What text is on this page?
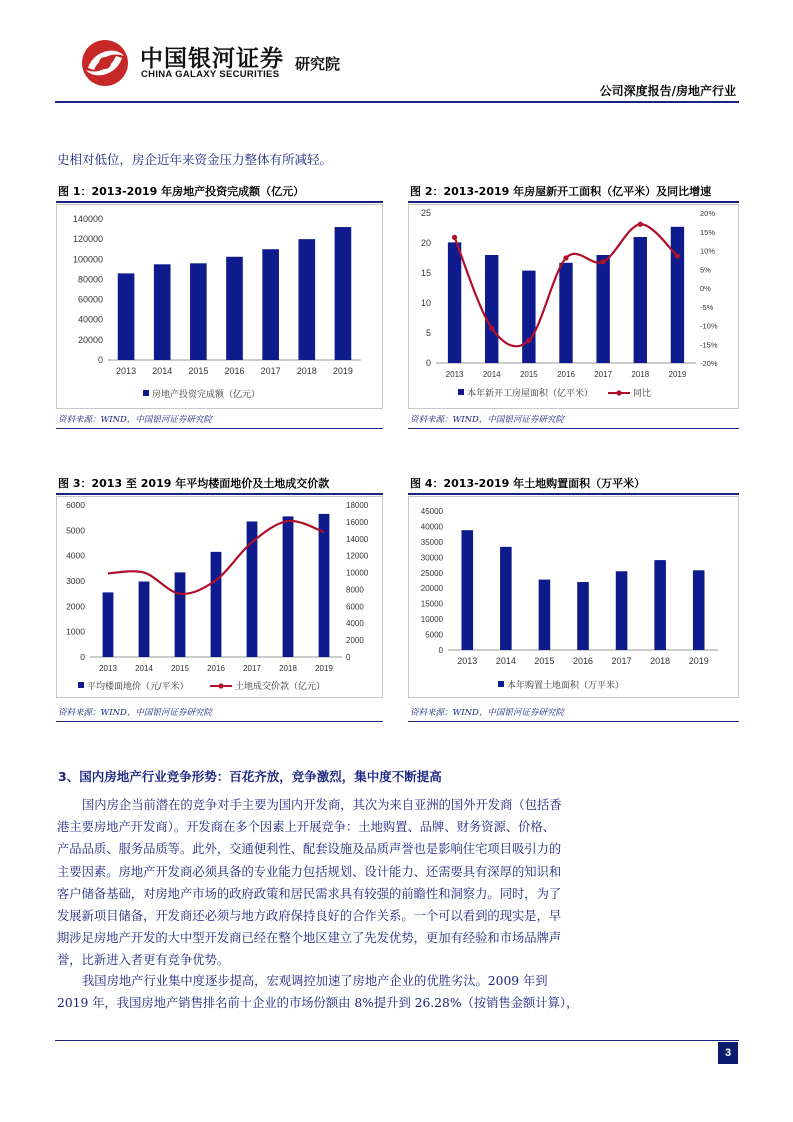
中国银河证券
CHINA GALAXY SECURITIES
研究院
公司深度报告/房地产行业
史相对低位，房企近年来资金压力整体有所减轻。
图 1：2013-2019 年房地产投资完成额（亿元）	图 2：2013-2019 年房屋新开工面积（亿平米）及同比增速
图 3：2013 至 2019 年平均楼面地价及土地成交价款	图 4：2013-2019 年土地购置面积（万平米）
资料来源：WIND，中国银河证券研究院	资料来源：WIND，中国银河证券研究院
资料来源：WIND，中国银河证券研究院	资料来源：WIND，中国银河证券研究院
0
20000
40000
60000
80000
100000
120000
140000
2013 2014 2015 2016 2017 2018 2019
房地产投资完成额（亿元）
0
5
10
15
20
25
-20%
-15%
-10%
-5%
0%
5%
10%
15%
20%
2013 2014 2015 2016 2017 2018 2019
本年新开工房屋面积（亿平米）	同比
0
1000
2000
3000
4000
5000
6000
0
2000
4000
6000
8000
10000
12000
14000
16000
18000
2013 2014 2015 2016 2017 2018 2019
平均楼面地价（元/平米）	土地成交价款（亿元）
0
5000
10000
15000
20000
25000
30000
35000
40000
45000
2013 2014 2015 2016 2017 2018 2019
本年购置土地面积（万平米）
3、国内房地产行业竞争形势：百花齐放，竞争激烈，集中度不断提高
国内房企当前潜在的竞争对手主要为国内开发商，其次为来自亚洲的国外开发商（包括香
港主要房地产开发商）。开发商在多个因素上开展竞争：土地购置、品牌、财务资源、价格、
产品品质、服务品质等。此外，交通便利性、配套设施及品质声誉也是影响住宅项目吸引力的
主要因素。房地产开发商必须具备的专业能力包括规划、设计能力、还需要具有深厚的知识和
客户储备基础，对房地产市场的政府政策和居民需求具有较强的前瞻性和洞察力。同时，为了
发展新项目储备，开发商还必须与地方政府保持良好的合作关系。一个可以看到的现实是，早
期涉足房地产开发的大中型开发商已经在整个地区建立了先发优势，更加有经验和市场品牌声
誉，比新进入者更有竞争优势。
我国房地产行业集中度逐步提高，宏观调控加速了房地产企业的优胜劣汰。2009 年到
2019 年，我国房地产销售排名前十企业的市场份额由 8%提升到 26.28%（按销售金额计算），
3
